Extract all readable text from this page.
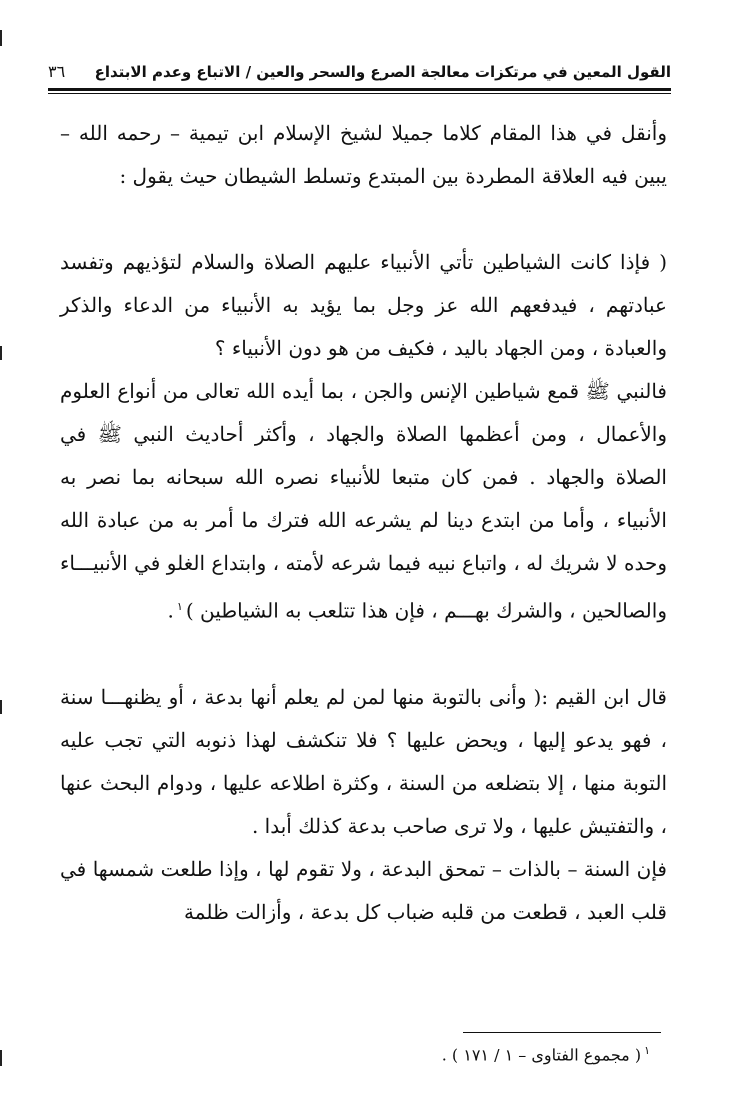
القول المعين في مرتكزات معالجة الصرع والسحر والعين / الاتباع وعدم الابتداع
٣٦

وأنقل في هذا المقام كلاما جميلا لشيخ الإسلام ابن تيمية – رحمه الله – يبين فيه العلاقة المطردة بين المبتدع وتسلط الشيطان حيث يقول :

( فإذا كانت الشياطين تأتي الأنبياء عليهم الصلاة والسلام لتؤذيهم وتفسد عبادتهم ، فيدفعهم الله عز وجل بما يؤيد به الأنبياء من الدعاء والذكر والعبادة ، ومن الجهاد باليد ، فكيف من هو دون الأنبياء ؟

فالنبي ﷺ قمع شياطين الإنس والجن ، بما أيده الله تعالى من أنواع العلوم والأعمال ، ومن أعظمها الصلاة والجهاد ، وأكثر أحاديث النبي ﷺ في الصلاة والجهاد . فمن كان متبعا للأنبياء نصره الله سبحانه بما نصر به الأنبياء ، وأما من ابتدع دينا لم يشرعه الله فترك ما أمر به من عبادة الله وحده لا شريك له ، واتباع نبيه فيما شرعه لأمته ، وابتداع الغلو في الأنبيـــاء والصالحين ، والشرك بهـــم ، فإن هذا تتلعب به الشياطين )$^١$.

قال ابن القيم :( وأنى بالتوبة منها لمن لم يعلم أنها بدعة ، أو يظنهـــا سنة ، فهو يدعو إليها ، ويحض عليها ؟ فلا تنكشف لهذا ذنوبه التي تجب عليه التوبة منها ، إلا بتضلعه من السنة ، وكثرة اطلاعه عليها ، ودوام البحث عنها ، والتفتيش عليها ، ولا ترى صاحب بدعة كذلك أبدا .

فإن السنة – بالذات – تمحق البدعة ، ولا تقوم لها ، وإذا طلعت شمسها في قلب العبد ، قطعت من قلبه ضباب كل بدعة ، وأزالت ظلمة

$^١$( مجموع الفتاوى – ١ / ١٧١ ) .
